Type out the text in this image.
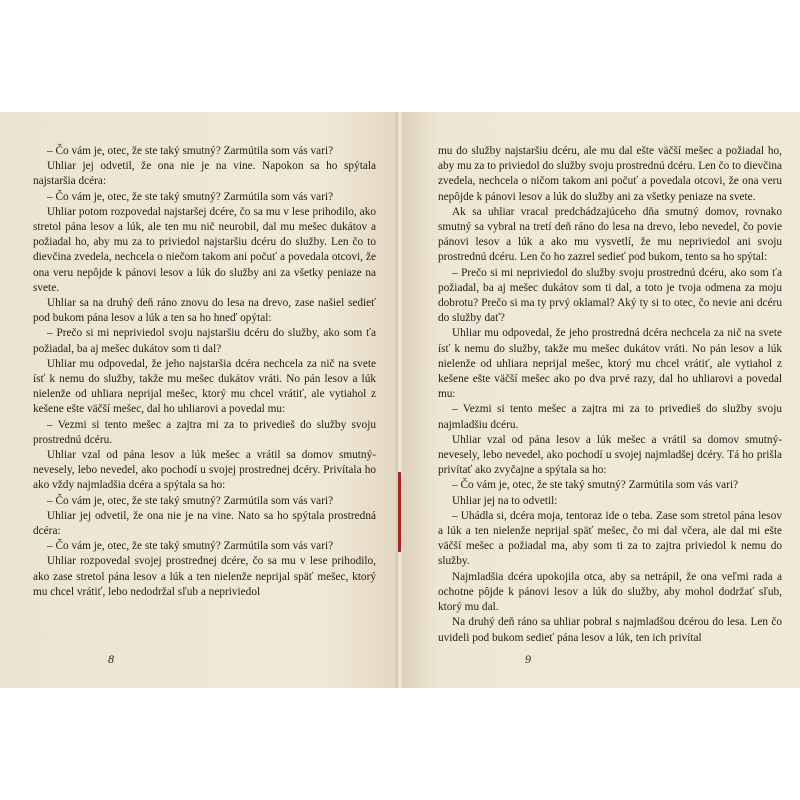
– Čo vám je, otec, že ste taký smutný? Zarmútila som vás vari?

Uhliar jej odvetil, že ona nie je na vine. Napokon sa ho spýtala najstaršia dcéra:

– Čo vám je, otec, že ste taký smutný? Zarmútila som vás vari?

Uhliar potom rozpovedal najstaršej dcére, čo sa mu v lese prihodilo, ako stretol pána lesov a lúk, ale ten mu nič neurobil, dal mu mešec dukátov a požiadal ho, aby mu za to priviedol najstaršiu dcéru do služby. Len čo to dievčina zvedela, nechcela o niečom takom ani počuť a povedala otcovi, že ona veru nepôjde k pánovi lesov a lúk do služby ani za všetky peniaze na svete.

Uhliar sa na druhý deň ráno znovu do lesa na drevo, zase našiel sedieť pod bukom pána lesov a lúk a ten sa ho hneď opýtal:

– Prečo si mi nepriviedol svoju najstaršiu dcéru do služby, ako som ťa požiadal, ba aj mešec dukátov som ti dal?

Uhliar mu odpovedal, že jeho najstaršia dcéra nechcela za nič na svete ísť k nemu do služby, takže mu mešec dukátov vráti. No pán lesov a lúk nielenže od uhliara neprijal mešec, ktorý mu chcel vrátiť, ale vytiahol z kešene ešte väčší mešec, dal ho uhliarovi a povedal mu:

– Vezmi si tento mešec a zajtra mi za to privedieš do služby svoju prostrednú dcéru.

Uhliar vzal od pána lesov a lúk mešec a vrátil sa domov smutný-nevesely, lebo nevedel, ako pochodí u svojej prostrednej dcéry. Privítala ho ako vždy najmladšia dcéra a spýtala sa ho:

– Čo vám je, otec, že ste taký smutný? Zarmútila som vás vari?

Uhliar jej odvetil, že ona nie je na vine. Nato sa ho spýtala prostredná dcéra:

– Čo vám je, otec, že ste taký smutný? Zarmútila som vás vari?

Uhliar rozpovedal svojej prostrednej dcére, čo sa mu v lese prihodilo, ako zase stretol pána lesov a lúk a ten nielenže neprijal späť mešec, ktorý mu chcel vrátiť, lebo nedodržal sľub a nepriviedol

8

mu do služby najstaršiu dcéru, ale mu dal ešte väčší mešec a požiadal ho, aby mu za to priviedol do služby svoju prostrednú dcéru. Len čo to dievčina zvedela, nechcela o ničom takom ani počuť a povedala otcovi, že ona veru nepôjde k pánovi lesov a lúk do služby ani za všetky peniaze na svete.

Ak sa uhliar vracal predchádzajúceho dňa smutný domov, rovnako smutný sa vybral na tretí deň ráno do lesa na drevo, lebo nevedel, čo povie pánovi lesov a lúk a ako mu vysvetlí, že mu nepriviedol ani svoju prostrednú dcéru. Len čo ho zazrel sedieť pod bukom, tento sa ho spýtal:

– Prečo si mi nepriviedol do služby svoju prostrednú dcéru, ako som ťa požiadal, ba aj mešec dukátov som ti dal, a toto je tvoja odmena za moju dobrotu? Prečo si ma ty prvý oklamal? Aký ty si to otec, čo nevie ani dcéru do služby dať?

Uhliar mu odpovedal, že jeho prostredná dcéra nechcela za nič na svete ísť k nemu do služby, takže mu mešec dukátov vráti. No pán lesov a lúk nielenže od uhliara neprijal mešec, ktorý mu chcel vrátiť, ale vytiahol z kešene ešte väčší mešec ako po dva prvé razy, dal ho uhliarovi a povedal mu:

– Vezmi si tento mešec a zajtra mi za to privedieš do služby svoju najmladšiu dcéru.

Uhliar vzal od pána lesov a lúk mešec a vrátil sa domov smutný-nevesely, lebo nevedel, ako pochodí u svojej najmladšej dcéry. Tá ho prišla privítať ako zvyčajne a spýtala sa ho:

– Čo vám je, otec, že ste taký smutný? Zarmútila som vás vari?

Uhliar jej na to odvetil:

– Uhádla si, dcéra moja, tentoraz ide o teba. Zase som stretol pána lesov a lúk a ten nielenže neprijal späť mešec, čo mi dal včera, ale dal mi ešte väčší mešec a požiadal ma, aby som ti za to zajtra priviedol k nemu do služby.

Najmladšia dcéra upokojila otca, aby sa netrápil, že ona veľmi rada a ochotne pôjde k pánovi lesov a lúk do služby, aby mohol dodržať sľub, ktorý mu dal.

Na druhý deň ráno sa uhliar pobral s najmladšou dcérou do lesa. Len čo uvideli pod bukom sedieť pána lesov a lúk, ten ich privítal

9
